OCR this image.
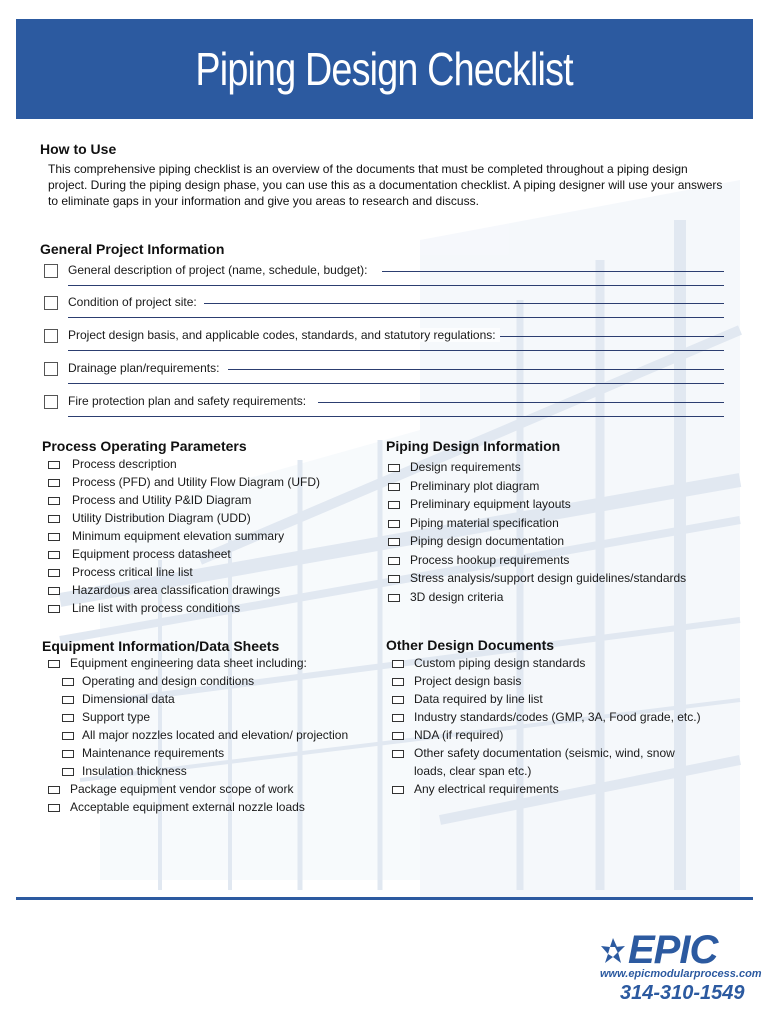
Piping Design Checklist
How to Use
This comprehensive piping checklist is an overview of the documents that must be completed throughout a piping design project. During the piping design phase, you can use this as a documentation checklist. A piping designer will use your answers to eliminate gaps in your information and give you areas to research and discuss.
General Project Information
General description of project (name, schedule, budget):
Condition of project site:
Project design basis, and applicable codes, standards, and statutory regulations:
Drainage plan/requirements:
Fire protection plan and safety requirements:
Process Operating Parameters
Process description
Process (PFD) and Utility Flow Diagram (UFD)
Process and Utility P&ID Diagram
Utility Distribution Diagram (UDD)
Minimum equipment elevation summary
Equipment process datasheet
Process critical line list
Hazardous area classification drawings
Line list with process conditions
Piping Design Information
Design requirements
Preliminary plot diagram
Preliminary equipment layouts
Piping material specification
Piping design documentation
Process hookup requirements
Stress analysis/support design guidelines/standards
3D design criteria
Equipment Information/Data Sheets
Equipment engineering data sheet including:
Operating and design conditions
Dimensional data
Support type
All major nozzles located and elevation/ projection
Maintenance requirements
Insulation thickness
Package equipment vendor scope of work
Acceptable equipment external nozzle loads
Other Design Documents
Custom piping design standards
Project design basis
Data required by line list
Industry standards/codes (GMP, 3A, Food grade, etc.)
NDA (if required)
Other safety documentation (seismic, wind, snow
loads, clear span etc.)
Any electrical requirements
EPIC
www.epicmodularprocess.com
314-310-1549
